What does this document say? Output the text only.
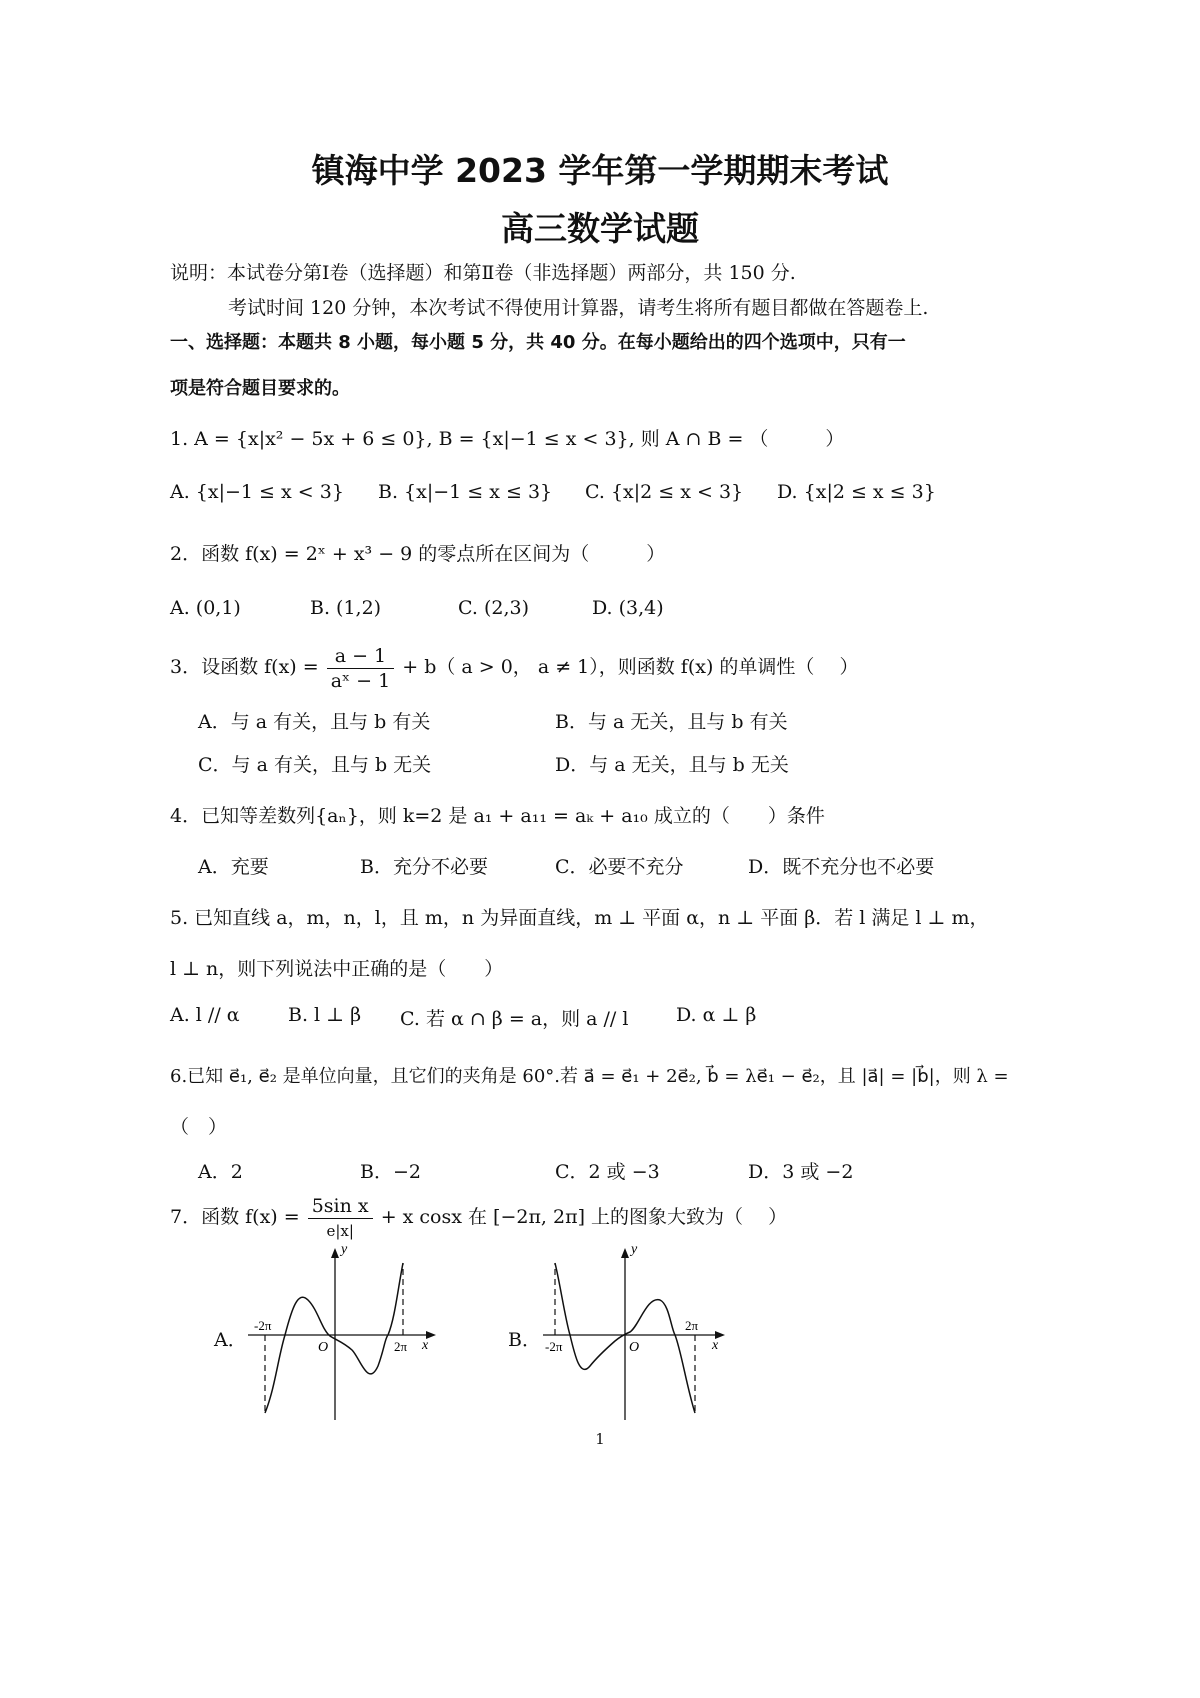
镇海中学 2023 学年第一学期期末考试
高三数学试题
说明：本试卷分第Ⅰ卷（选择题）和第Ⅱ卷（非选择题）两部分，共 150 分.
考试时间 120 分钟，本次考试不得使用计算器，请考生将所有题目都做在答题卷上.
一、选择题：本题共 8 小题，每小题 5 分，共 40 分。在每小题给出的四个选项中，只有一
项是符合题目要求的。
1. A = {x|x² − 5x + 6 ≤ 0}, B = {x|−1 ≤ x < 3}, 则 A ∩ B = （　　　）
A. {x|−1 ≤ x < 3} B. {x|−1 ≤ x ≤ 3} C. {x|2 ≤ x < 3} D. {x|2 ≤ x ≤ 3}
2．函数 f(x) = 2ˣ + x³ − 9 的零点所在区间为（　　　）
A. (0,1)	B. (1,2)	C. (2,3)	D. (3,4)
3．设函数 $f(x) = \frac{a - 1}{\text{aˣ − 1}} + b$（ a > 0， a ≠ 1），则函数 f(x) 的单调性（　 ）
A．与 a 有关，且与 b 有关	B．与 a 无关，且与 b 有关
C．与 a 有关，且与 b 无关	D．与 a 无关，且与 b 无关
4．已知等差数列{aₙ}，则 k=2 是 a₁ + a₁₁ = aₖ + a₁₀ 成立的（　　）条件
A．充要	B．充分不必要	C．必要不充分	D．既不充分也不必要
5. 已知直线 a，m，n，l，且 m，n 为异面直线，m ⊥ 平面 α，n ⊥ 平面 β．若 l 满足 l ⊥ m，
l ⊥ n，则下列说法中正确的是（　　）
A. l // α	B. l ⊥ β C. 若 α ∩ β = a，则 a // l	D. α ⊥ β
6.已知 e⃗₁, e⃗₂ 是单位向量，且它们的夹角是 60°.若 a⃗ = e⃗₁ + 2e⃗₂, b⃗ = λe⃗₁ − e⃗₂，且 |a⃗| = |b⃗|，则 λ =
（　）
A．2	B．−2	C．2 或 −3	D．3 或 −2
7．函数 $f(x) = \frac{\text{5sin x}}{e|x|} + x$ cosx 在 [−2π, 2π] 上的图象大致为（　 ）
A．
y
x
O
-2π
2π	B．
y
x
O
-2π
2π
1
